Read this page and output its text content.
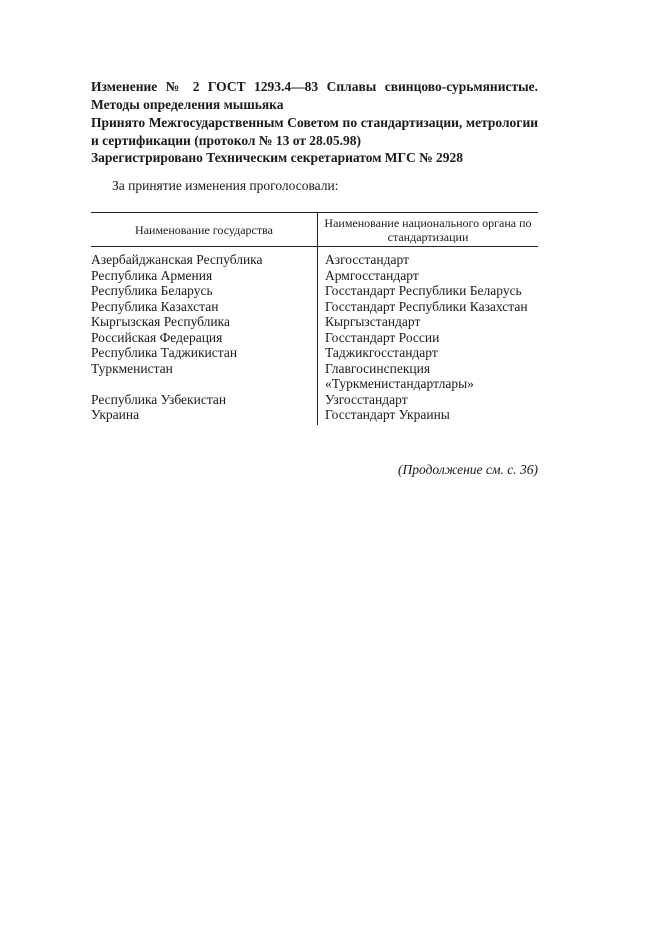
Изменение № 2 ГОСТ 1293.4—83 Сплавы свинцово-сурьмянистые. Методы определения мышьяка
Принято Межгосударственным Советом по стандартизации, метрологии и сертификации (протокол № 13 от 28.05.98)
Зарегистрировано Техническим секретариатом МГС № 2928
За принятие изменения проголосовали:
Наименование государства	Наименование национального органа по стандартизации
Азербайджанская Республика	Азгосстандарт
Республика Армения	Армгосстандарт
Республика Беларусь	Госстандарт Республики Беларусь
Республика Казахстан	Госстандарт Республики Казахстан
Кыргызская Республика	Кыргызстандарт
Российская Федерация	Госстандарт России
Республика Таджикистан	Таджикгосстандарт
Туркменистан	Главгосинспекция «Туркменистандартлары»
Республика Узбекистан	Узгосстандарт
Украина	Госстандарт Украины
(Продолжение см. с. 36)
